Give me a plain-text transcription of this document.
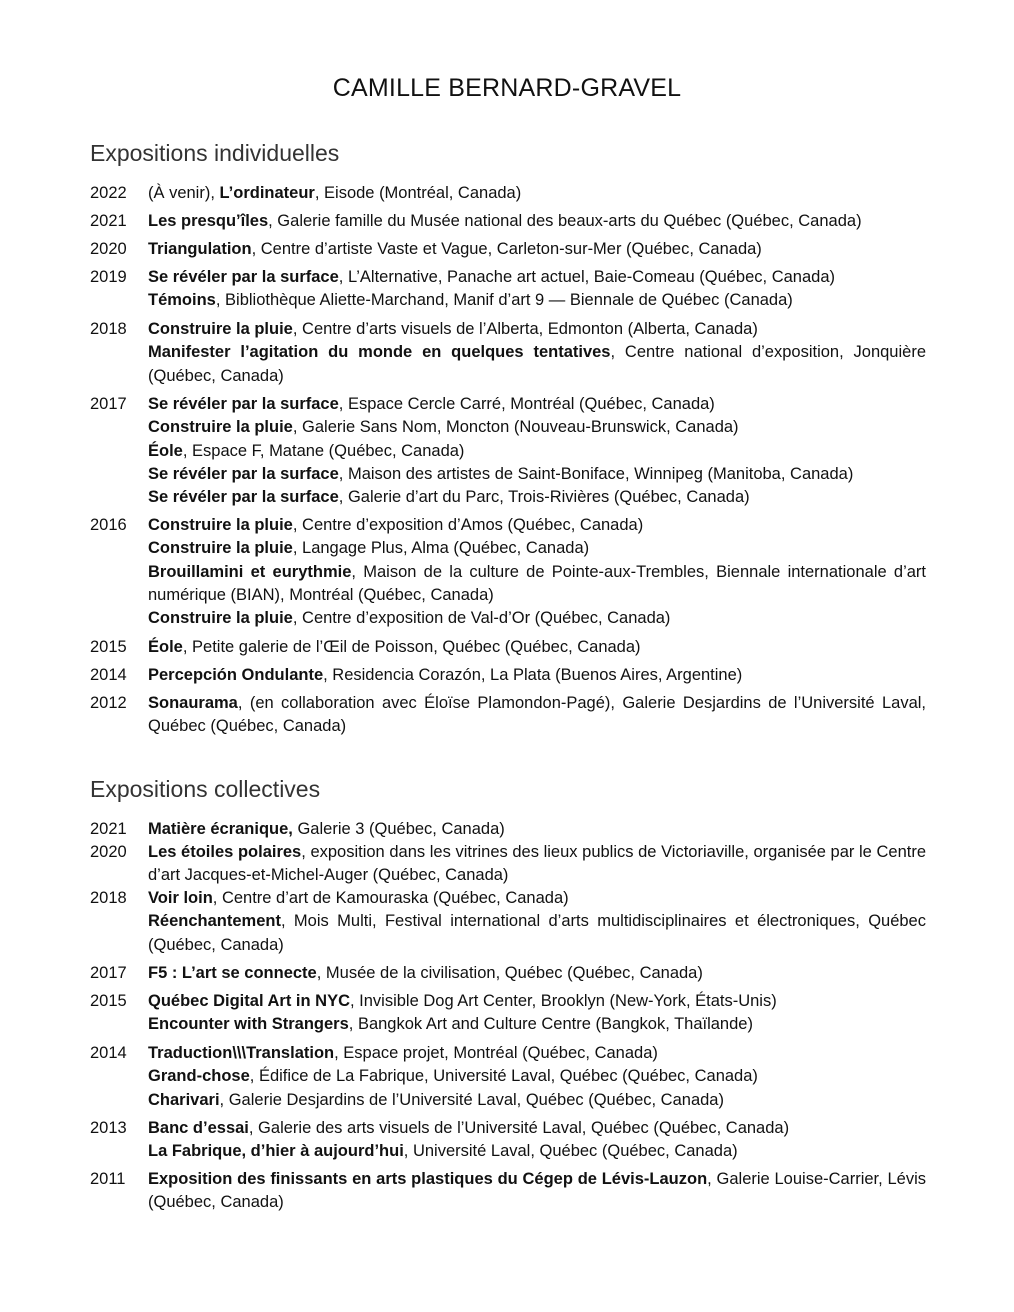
CAMILLE BERNARD-GRAVEL
Expositions individuelles
2022	(À venir), L’ordinateur, Eisode (Montréal, Canada)
2021	Les presqu’îles, Galerie famille du Musée national des beaux-arts du Québec (Québec, Canada)
2020	Triangulation, Centre d’artiste Vaste et Vague, Carleton-sur-Mer (Québec, Canada)
2019	Se révéler par la surface, L’Alternative, Panache art actuel, Baie-Comeau (Québec, Canada)
Témoins, Bibliothèque Aliette-Marchand, Manif d’art 9 — Biennale de Québec (Canada)
2018	Construire la pluie, Centre d’arts visuels de l’Alberta, Edmonton (Alberta, Canada)
Manifester l’agitation du monde en quelques tentatives, Centre national d’exposition, Jonquière (Québec, Canada)
2017	Se révéler par la surface, Espace Cercle Carré, Montréal (Québec, Canada)
Construire la pluie, Galerie Sans Nom, Moncton (Nouveau-Brunswick, Canada)
Éole, Espace F, Matane (Québec, Canada)
Se révéler par la surface, Maison des artistes de Saint-Boniface, Winnipeg (Manitoba, Canada)
Se révéler par la surface, Galerie d’art du Parc, Trois-Rivières (Québec, Canada)
2016	Construire la pluie, Centre d’exposition d’Amos (Québec, Canada)
Construire la pluie, Langage Plus, Alma (Québec, Canada)
Brouillamini et eurythmie, Maison de la culture de Pointe-aux-Trembles, Biennale internationale d’art numérique (BIAN), Montréal (Québec, Canada)
Construire la pluie, Centre d’exposition de Val-d’Or (Québec, Canada)
2015	Éole, Petite galerie de l’Œil de Poisson, Québec (Québec, Canada)
2014	Percepción Ondulante, Residencia Corazón, La Plata (Buenos Aires, Argentine)
2012	Sonaurama, (en collaboration avec Éloïse Plamondon-Pagé), Galerie Desjardins de l’Université Laval, Québec (Québec, Canada)
Expositions collectives
2021	Matière écranique, Galerie 3 (Québec, Canada)
2020	Les étoiles polaires, exposition dans les vitrines des lieux publics de Victoriaville, organisée par le Centre d’art Jacques-et-Michel-Auger (Québec, Canada)
2018	Voir loin, Centre d’art de Kamouraska (Québec, Canada)
Réenchantement, Mois Multi, Festival international d’arts multidisciplinaires et électroniques, Québec (Québec, Canada)
2017	F5 : L’art se connecte, Musée de la civilisation, Québec (Québec, Canada)
2015	Québec Digital Art in NYC, Invisible Dog Art Center, Brooklyn (New-York, États-Unis)
Encounter with Strangers, Bangkok Art and Culture Centre (Bangkok, Thaïlande)
2014	Traduction\\\Translation, Espace projet, Montréal (Québec, Canada)
Grand-chose, Édifice de La Fabrique, Université Laval, Québec (Québec, Canada)
Charivari, Galerie Desjardins de l’Université Laval, Québec (Québec, Canada)
2013	Banc d’essai, Galerie des arts visuels de l’Université Laval, Québec (Québec, Canada)
La Fabrique, d’hier à aujourd’hui, Université Laval, Québec (Québec, Canada)
2011	Exposition des finissants en arts plastiques du Cégep de Lévis-Lauzon, Galerie Louise-Carrier, Lévis (Québec, Canada)
